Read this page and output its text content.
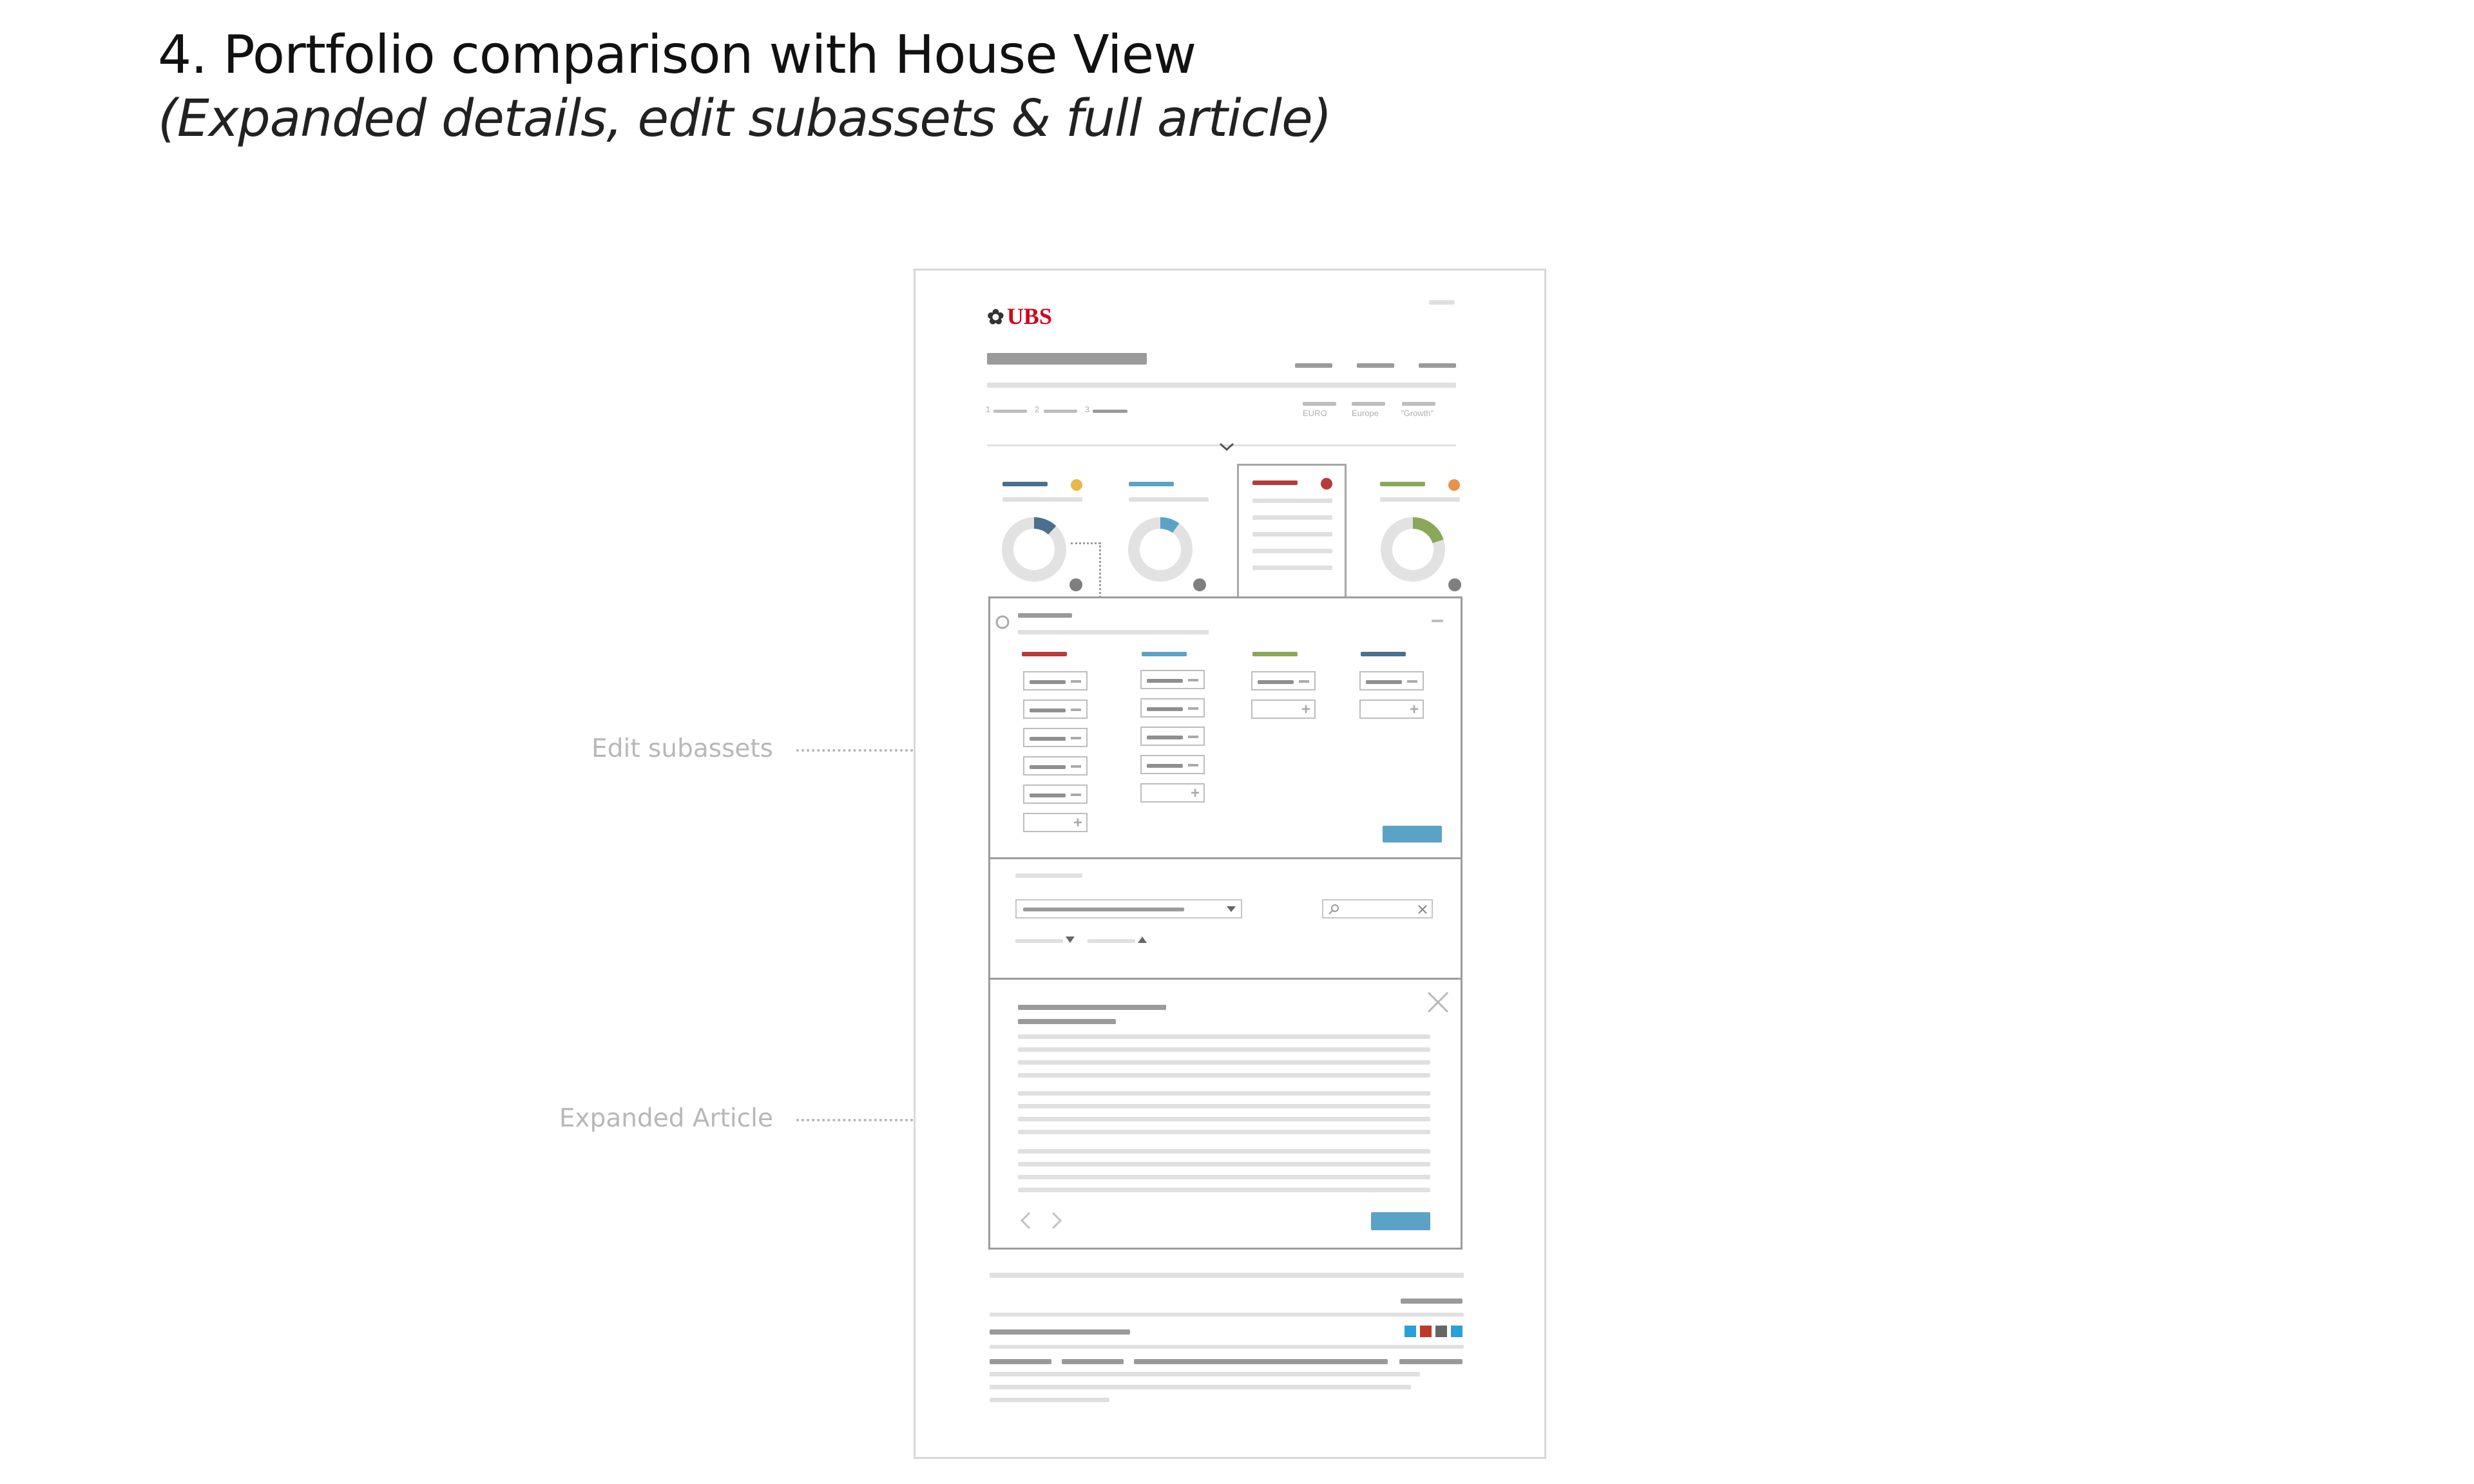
4. Portfolio comparison with House View
(Expanded details, edit subassets & full article)
Edit subassets
Expanded Article
✿ UBS
1	2	3	EURO	Europe	"Growth"
+
+
+	+
